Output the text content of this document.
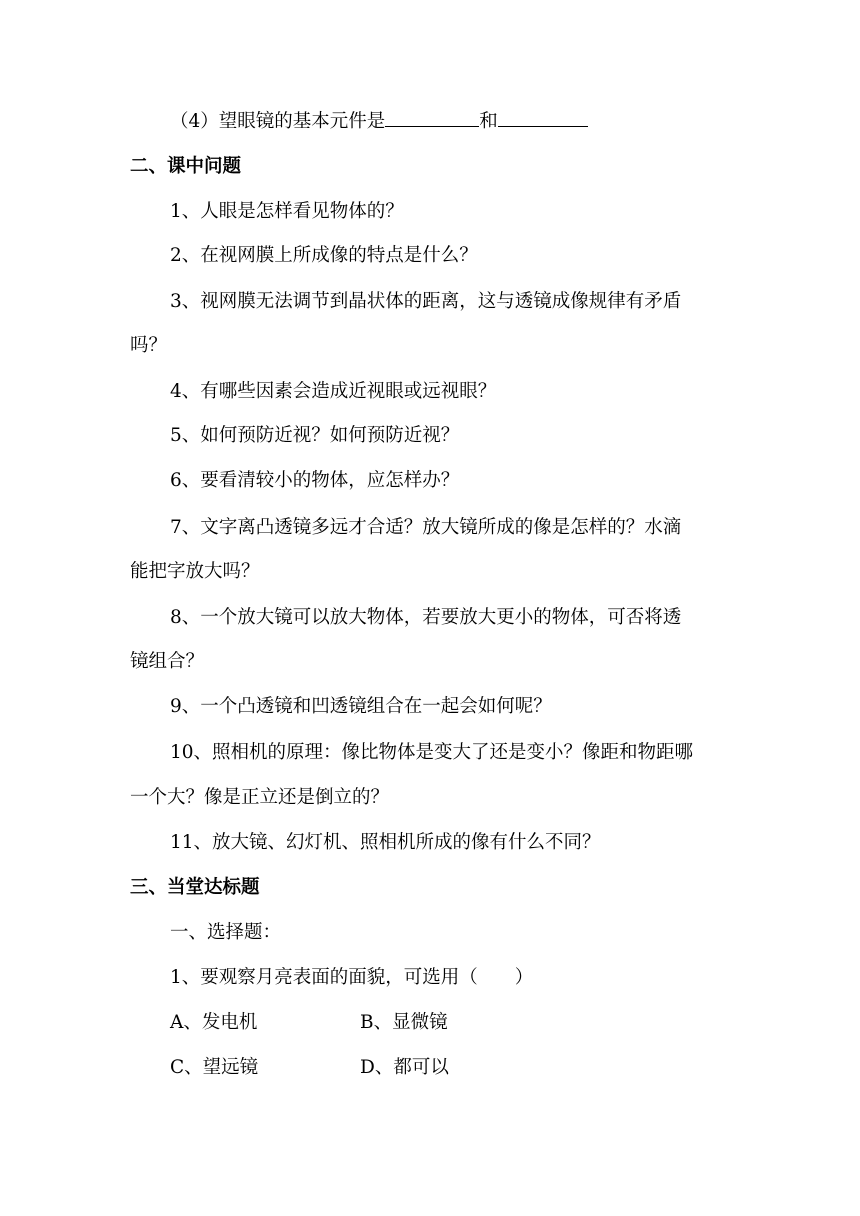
（4）望眼镜的基本元件是	和
二、课中问题
1、人眼是怎样看见物体的？
2、在视网膜上所成像的特点是什么？
3、视网膜无法调节到晶状体的距离，这与透镜成像规律有矛盾
吗？
4、有哪些因素会造成近视眼或远视眼？
5、如何预防近视？如何预防近视？
6、要看清较小的物体，应怎样办？
7、文字离凸透镜多远才合适？放大镜所成的像是怎样的？水滴
能把字放大吗？
8、一个放大镜可以放大物体，若要放大更小的物体，可否将透
镜组合？
9、一个凸透镜和凹透镜组合在一起会如何呢？
10、照相机的原理：像比物体是变大了还是变小？像距和物距哪
一个大？像是正立还是倒立的？
11、放大镜、幻灯机、照相机所成的像有什么不同？
三、当堂达标题
一、选择题：
1、要观察月亮表面的面貌，可选用（　　）
A、发电机	B、显微镜
C、望远镜	D、都可以
